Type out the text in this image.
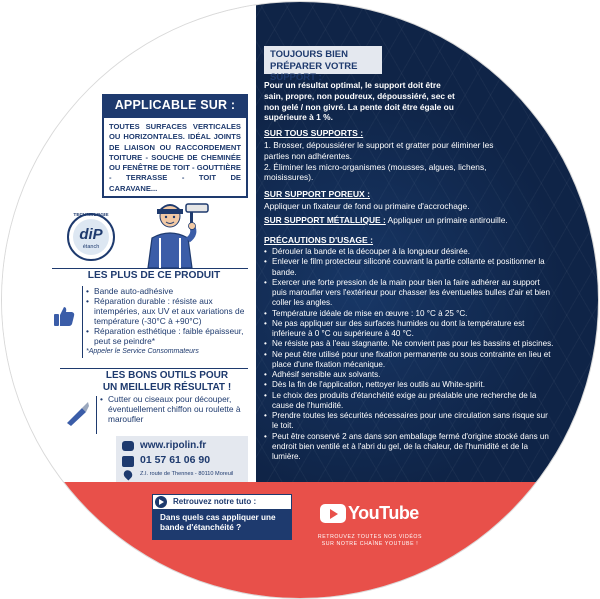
APPLICABLE SUR :
TOUTES SURFACES VERTICALES OU HORIZONTALES. IDÉAL JOINTS DE LIAISON OU RACCORDEMENT TOITURE - SOUCHE DE CHEMINÉE OU FENÊTRE DE TOIT - GOUTTIÈRE - TERRASSE - TOIT DE CARAVANE...
TECHNOLOGIE
diP
étanch
LES PLUS DE CE PRODUIT
• Bande auto-adhésive
• Réparation durable : résiste aux intempéries, aux UV et aux variations de température (-30°C à +90°C)
• Réparation esthétique : faible épaisseur, peut se peindre*
*Appeler le Service Consommateurs
LES BONS OUTILS POUR
UN MEILLEUR RÉSULTAT !
• Cutter ou ciseaux pour découper, éventuellement chiffon ou roulette à maroufler
www.ripolin.fr
01 57 61 06 90
Z.I. route de Thennes - 80110 Moreuil
TOUJOURS BIEN
PRÉPARER VOTRE SUPPORT :
Pour un résultat optimal, le support doit être sain, propre, non poudreux, dépoussiéré, sec et non gelé / non givré. La pente doit être égale ou supérieure à 1 %.
SUR TOUS SUPPORTS :
1. Brosser, dépoussiérer le support et gratter pour éliminer les parties non adhérentes.
2. Éliminer les micro-organismes (mousses, algues, lichens, moisissures).
SUR SUPPORT POREUX :
Appliquer un fixateur de fond ou primaire d'accrochage.
SUR SUPPORT MÉTALLIQUE : Appliquer un primaire antirouille.
PRÉCAUTIONS D'USAGE :
• Dérouler la bande et la découper à la longueur désirée.
• Enlever le film protecteur siliconé couvrant la partie collante et positionner la bande.
• Exercer une forte pression de la main pour bien la faire adhérer au support puis maroufler vers l'extérieur pour chasser les éventuelles bulles d'air et bien coller les angles.
• Température idéale de mise en œuvre : 10 °C à 25 °C.
• Ne pas appliquer sur des surfaces humides ou dont la température est inférieure à 0 °C ou supérieure à 40 °C.
• Ne résiste pas à l'eau stagnante. Ne convient pas pour les bassins et piscines.
• Ne peut être utilisé pour une fixation permanente ou sous contrainte en lieu et place d'une fixation mécanique.
• Adhésif sensible aux solvants.
• Dès la fin de l'application, nettoyer les outils au White-spirit.
• Le choix des produits d'étanchéité exige au préalable une recherche de la cause de l'humidité.
• Prendre toutes les sécurités nécessaires pour une circulation sans risque sur le toit.
• Peut être conservé 2 ans dans son emballage fermé d'origine stocké dans un endroit bien ventilé et à l'abri du gel, de la chaleur, de l'humidité et de la lumière.
Retrouvez notre tuto :
Dans quels cas appliquer une bande d'étanchéité ?
YouTube
RETROUVEZ TOUTES NOS VIDÉOS SUR NOTRE CHAÎNE YOUTUBE !
